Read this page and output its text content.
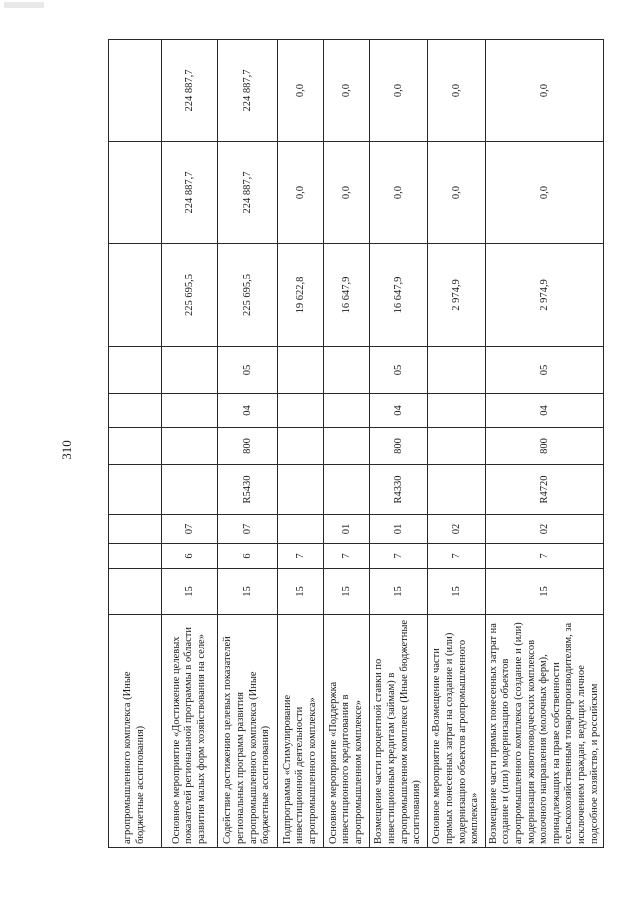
310
агропромышленного комплекса (Иные бюджетные ассигнования)										
Основное мероприятие «Достижение целевых показателей региональной программы в области развития малых форм хозяйствования на селе»	15	6	07					225 695,5	224 887,7	224 887,7
Содействие достижению целевых показателей региональных программ развития агропромышленного комплекса (Иные бюджетные ассигнования)	15	6	07	R5430	800	04	05	225 695,5	224 887,7	224 887,7
Подпрограмма «Стимулирование инвестиционной деятельности агропромышленного комплекса»	15	7						19 622,8	0,0	0,0
Основное мероприятие «Поддержка инвестиционного кредитования в агропромышленном комплексе»	15	7	01					16 647,9	0,0	0,0
Возмещение части процентной ставки по инвестиционным кредитам (займам) в агропромышленном комплексе (Иные бюджетные ассигнования)	15	7	01	R4330	800	04	05	16 647,9	0,0	0,0
Основное мероприятие «Возмещение части прямых понесенных затрат на создание и (или) модернизацию объектов агропромышленного комплекса»	15	7	02					2 974,9	0,0	0,0
Возмещение части прямых понесенных затрат на создание и (или) модернизацию объектов агропромышленного комплекса (создание и (или) модернизация животноводческих комплексов молочного направления (молочных ферм), принадлежащих на праве собственности сельскохозяйственным товаропроизводителям, за исключением граждан, ведущих личное подсобное хозяйство, и российским	15	7	02	R4720	800	04	05	2 974,9	0,0	0,0
